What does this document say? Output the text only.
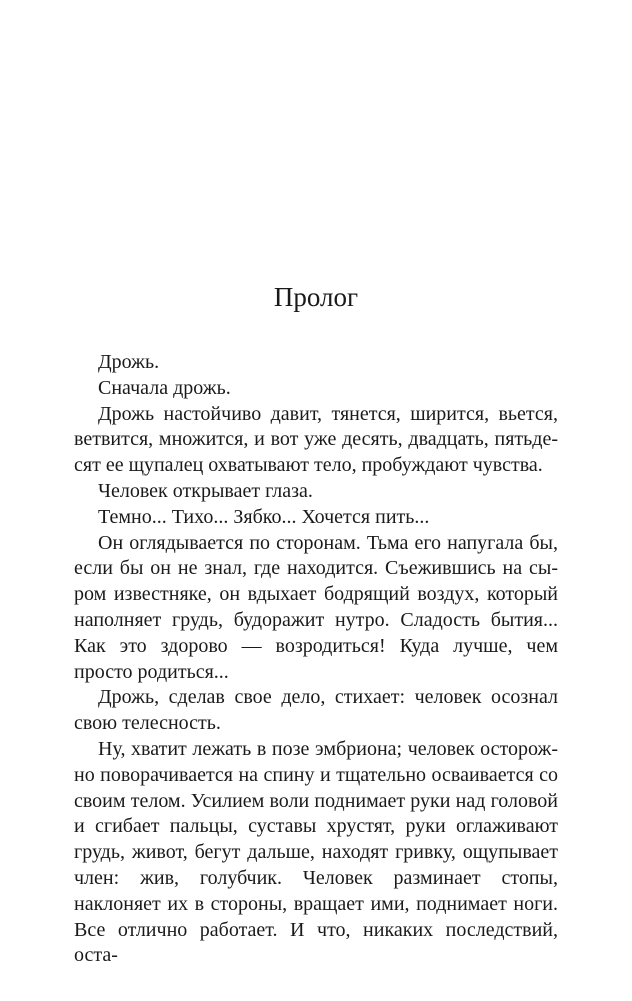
Пролог

Дрожь.

Сначала дрожь.

Дрожь настойчиво давит, тянется, ширится, вьется, ветвится, множится, и вот уже десять, двадцать, пятьдесят ее щупалец охватывают тело, пробуждают чувства.

Человек открывает глаза.

Темно... Тихо... Зябко... Хочется пить...

Он оглядывается по сторонам. Тьма его напугала бы, если бы он не знал, где находится. Съежившись на сыром известняке, он вдыхает бодрящий воздух, который наполняет грудь, будоражит нутро. Сладость бытия... Как это здорово — возродиться! Куда лучше, чем просто родиться...

Дрожь, сделав свое дело, стихает: человек осознал свою телесность.

Ну, хватит лежать в позе эмбриона; человек осторожно поворачивается на спину и тщательно осваивается со своим телом. Усилием воли поднимает руки над головой и сгибает пальцы, суставы хрустят, руки оглаживают грудь, живот, бегут дальше, находят гривку, ощупывает член: жив, голубчик. Человек разминает стопы, наклоняет их в стороны, вращает ими, поднимает ноги. Все отлично работает. И что, никаких последствий, оста-
